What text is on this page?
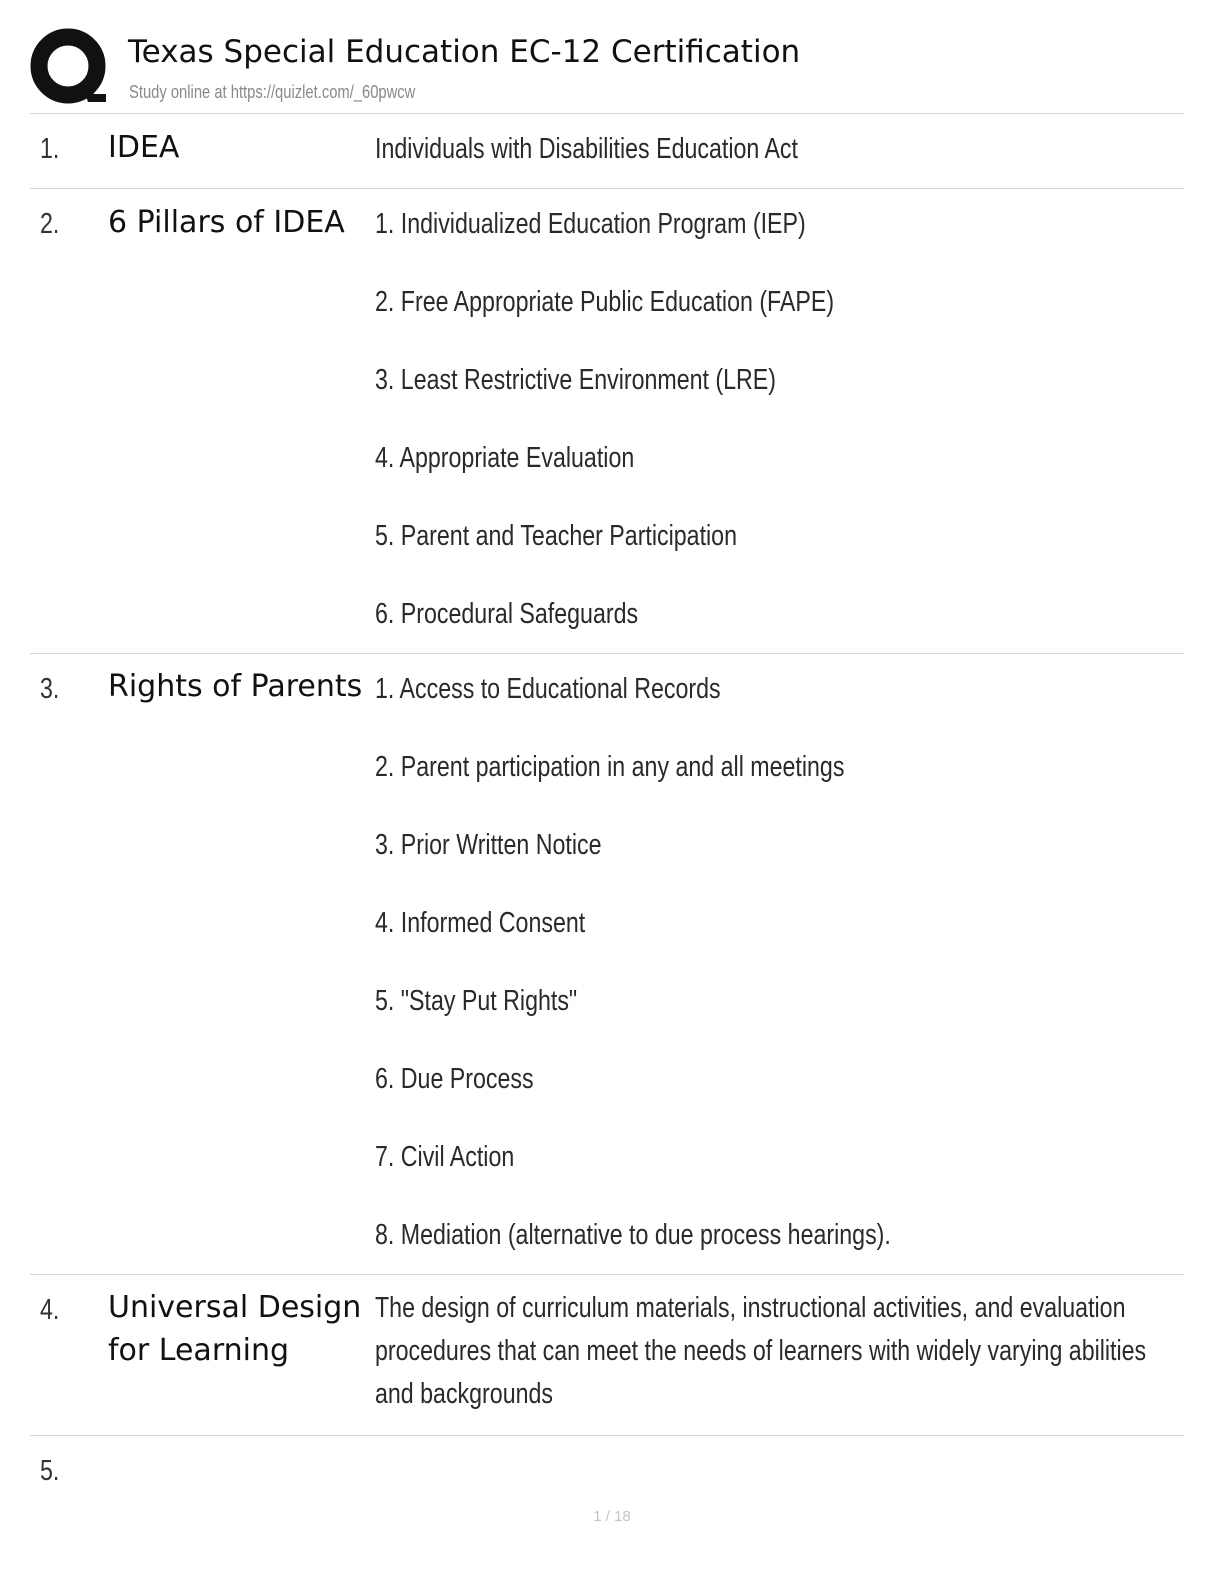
Texas Special Education EC-12 Certification
Study online at https://quizlet.com/_60pwcw
1. IDEA	Individuals with Disabilities Education Act
2. 6 Pillars of IDEA	1. Individualized Education Program (IEP)
2. Free Appropriate Public Education (FAPE)
3. Least Restrictive Environment (LRE)
4. Appropriate Evaluation
5. Parent and Teacher Participation
6. Procedural Safeguards
3. Rights of Parents 1. Access to Educational Records
2. Parent participation in any and all meetings
3. Prior Written Notice
4. Informed Consent
5. "Stay Put Rights"
6. Due Process
7. Civil Action
8. Mediation (alternative to due process hearings).
4. Universal Design for Learning
The design of curriculum materials, instructional activities, and evaluation procedures that can meet the needs of learners with widely varying abilities and backgrounds
5.
1 / 18
